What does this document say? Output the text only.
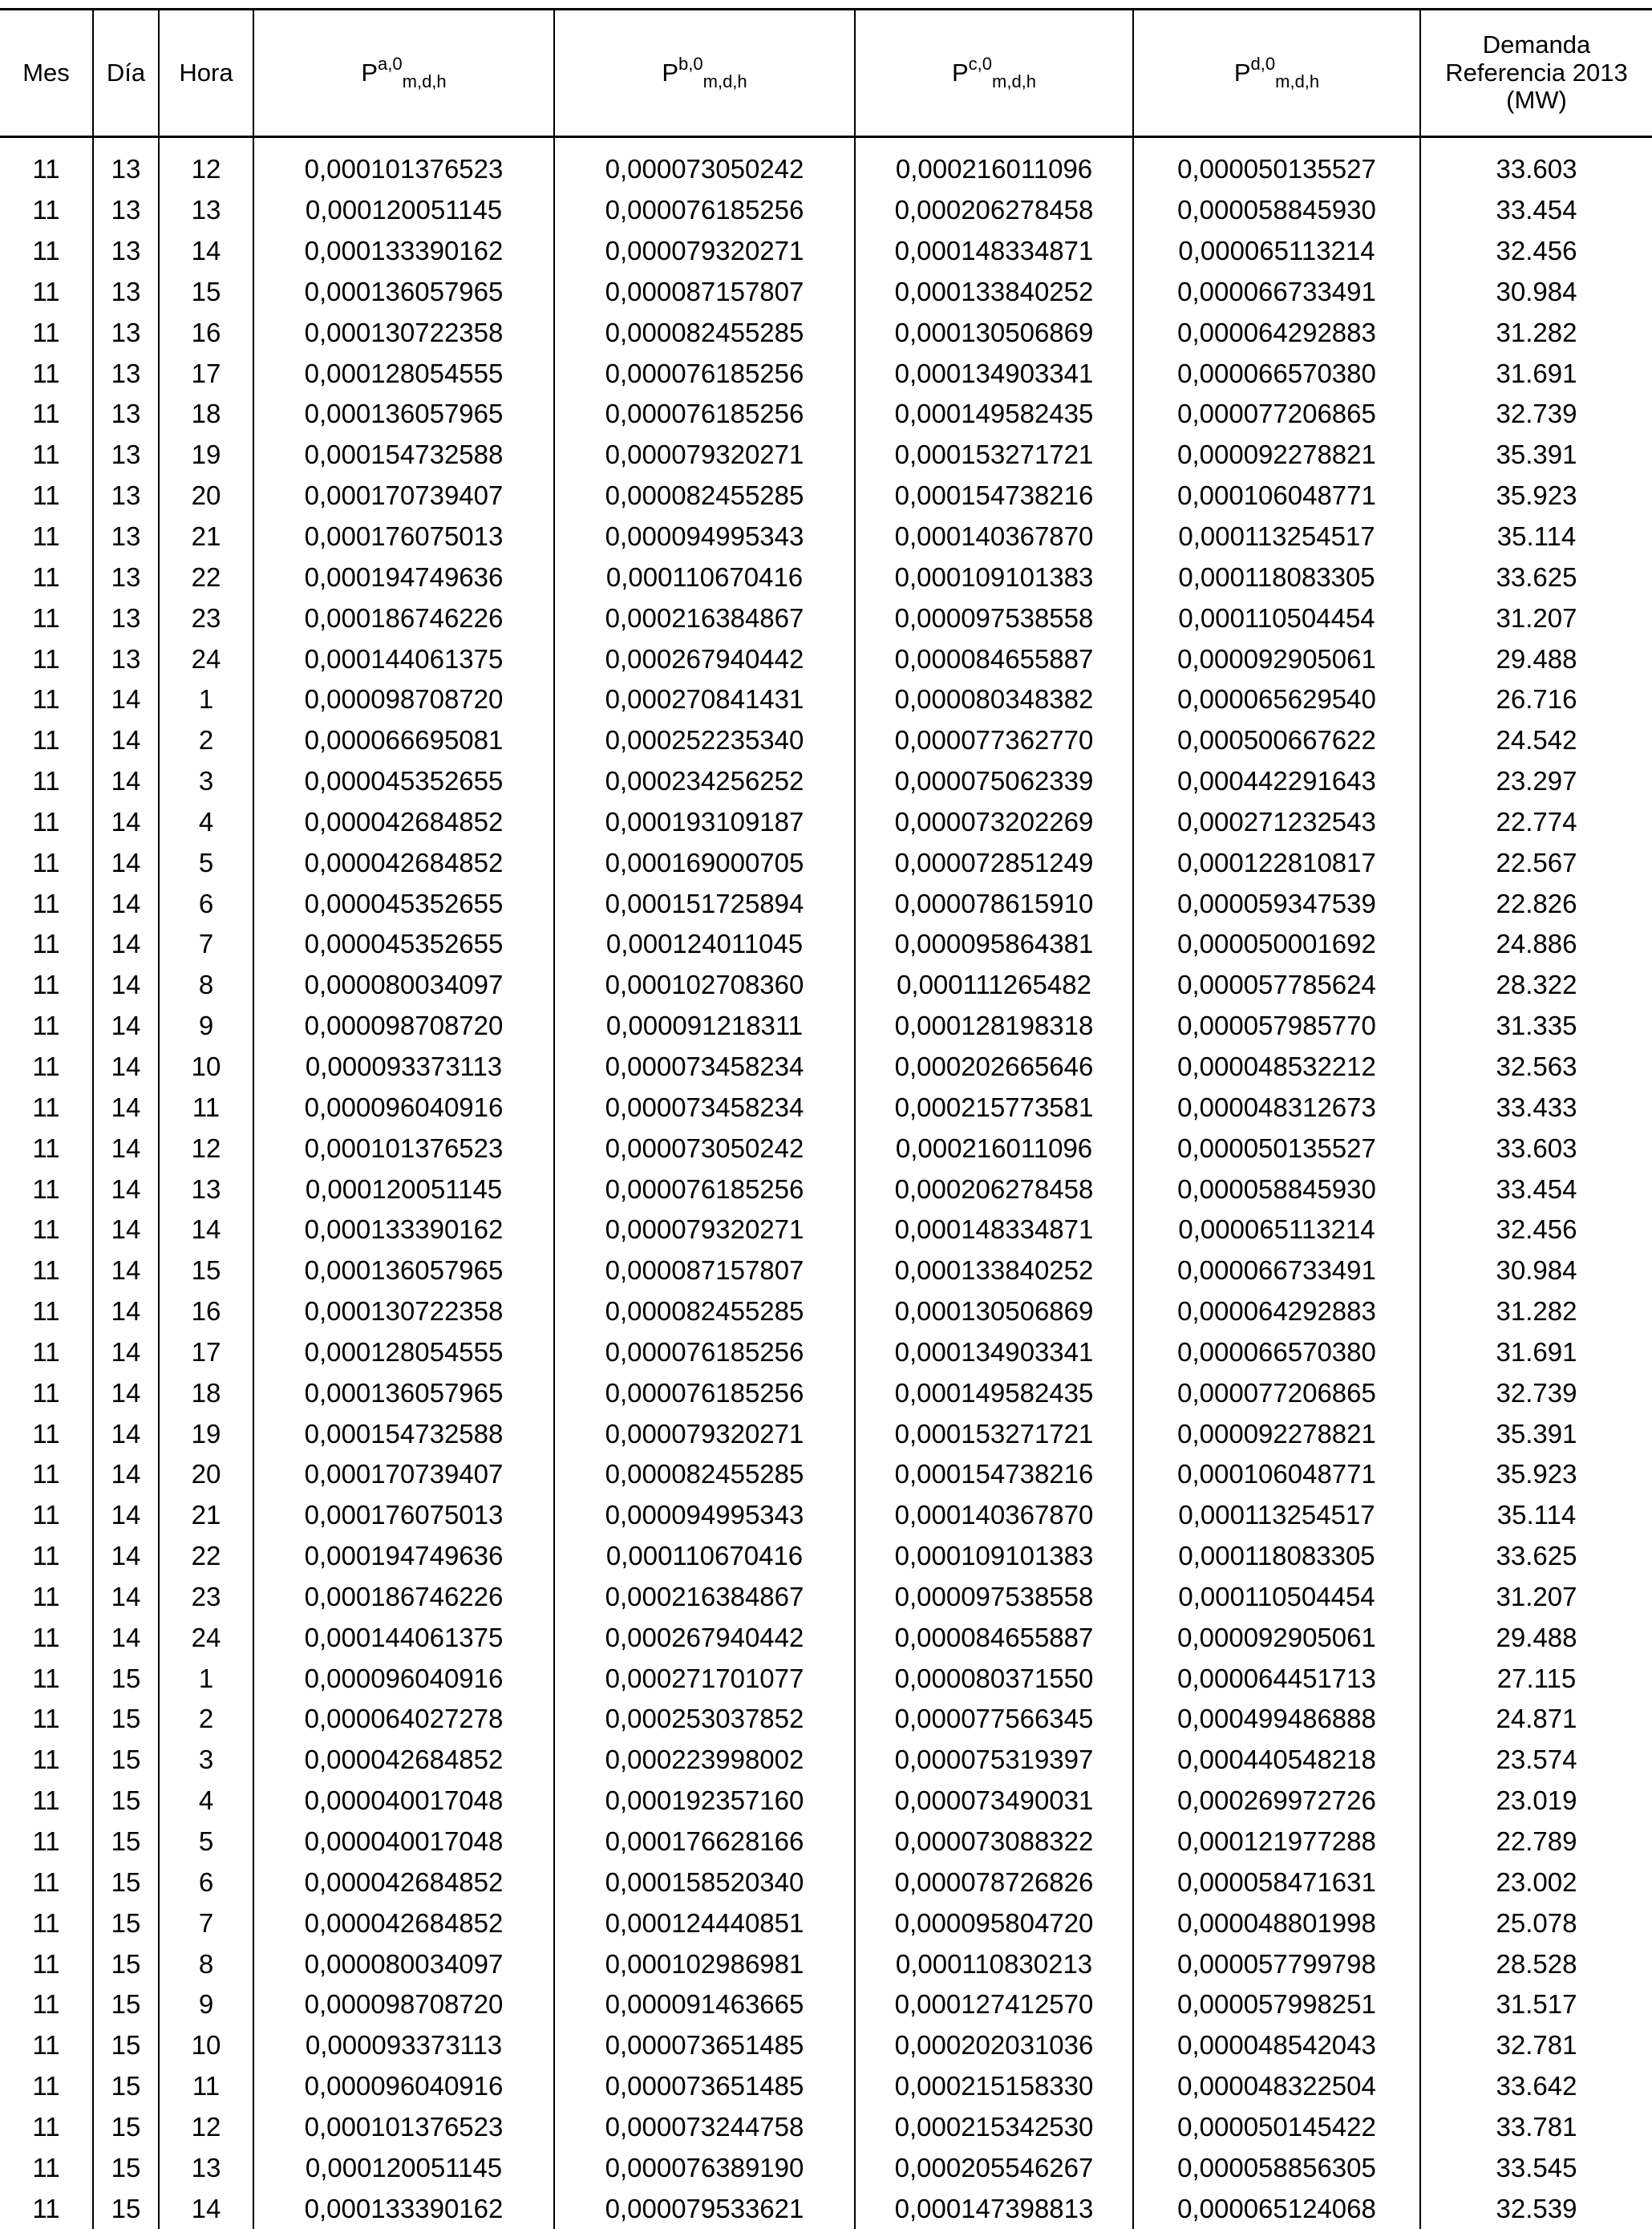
Mes	Día	Hora	P$^{a,0}_{m,d,h}$	P$^{b,0}_{m,d,h}$	P$^{c,0}_{m,d,h}$	P$^{d,0}_{m,d,h}$	Demanda
Referencia 2013
(MW)

11	13	12	0,000101376523	0,000073050242	0,000216011096	0,000050135527	33.603
11	13	13	0,000120051145	0,000076185256	0,000206278458	0,000058845930	33.454
11	13	14	0,000133390162	0,000079320271	0,000148334871	0,000065113214	32.456
11	13	15	0,000136057965	0,000087157807	0,000133840252	0,000066733491	30.984
11	13	16	0,000130722358	0,000082455285	0,000130506869	0,000064292883	31.282
11	13	17	0,000128054555	0,000076185256	0,000134903341	0,000066570380	31.691
11	13	18	0,000136057965	0,000076185256	0,000149582435	0,000077206865	32.739
11	13	19	0,000154732588	0,000079320271	0,000153271721	0,000092278821	35.391
11	13	20	0,000170739407	0,000082455285	0,000154738216	0,000106048771	35.923
11	13	21	0,000176075013	0,000094995343	0,000140367870	0,000113254517	35.114
11	13	22	0,000194749636	0,000110670416	0,000109101383	0,000118083305	33.625
11	13	23	0,000186746226	0,000216384867	0,000097538558	0,000110504454	31.207
11	13	24	0,000144061375	0,000267940442	0,000084655887	0,000092905061	29.488
11	14	1	0,000098708720	0,000270841431	0,000080348382	0,000065629540	26.716
11	14	2	0,000066695081	0,000252235340	0,000077362770	0,000500667622	24.542
11	14	3	0,000045352655	0,000234256252	0,000075062339	0,000442291643	23.297
11	14	4	0,000042684852	0,000193109187	0,000073202269	0,000271232543	22.774
11	14	5	0,000042684852	0,000169000705	0,000072851249	0,000122810817	22.567
11	14	6	0,000045352655	0,000151725894	0,000078615910	0,000059347539	22.826
11	14	7	0,000045352655	0,000124011045	0,000095864381	0,000050001692	24.886
11	14	8	0,000080034097	0,000102708360	0,000111265482	0,000057785624	28.322
11	14	9	0,000098708720	0,000091218311	0,000128198318	0,000057985770	31.335
11	14	10	0,000093373113	0,000073458234	0,000202665646	0,000048532212	32.563
11	14	11	0,000096040916	0,000073458234	0,000215773581	0,000048312673	33.433
11	14	12	0,000101376523	0,000073050242	0,000216011096	0,000050135527	33.603
11	14	13	0,000120051145	0,000076185256	0,000206278458	0,000058845930	33.454
11	14	14	0,000133390162	0,000079320271	0,000148334871	0,000065113214	32.456
11	14	15	0,000136057965	0,000087157807	0,000133840252	0,000066733491	30.984
11	14	16	0,000130722358	0,000082455285	0,000130506869	0,000064292883	31.282
11	14	17	0,000128054555	0,000076185256	0,000134903341	0,000066570380	31.691
11	14	18	0,000136057965	0,000076185256	0,000149582435	0,000077206865	32.739
11	14	19	0,000154732588	0,000079320271	0,000153271721	0,000092278821	35.391
11	14	20	0,000170739407	0,000082455285	0,000154738216	0,000106048771	35.923
11	14	21	0,000176075013	0,000094995343	0,000140367870	0,000113254517	35.114
11	14	22	0,000194749636	0,000110670416	0,000109101383	0,000118083305	33.625
11	14	23	0,000186746226	0,000216384867	0,000097538558	0,000110504454	31.207
11	14	24	0,000144061375	0,000267940442	0,000084655887	0,000092905061	29.488
11	15	1	0,000096040916	0,000271701077	0,000080371550	0,000064451713	27.115
11	15	2	0,000064027278	0,000253037852	0,000077566345	0,000499486888	24.871
11	15	3	0,000042684852	0,000223998002	0,000075319397	0,000440548218	23.574
11	15	4	0,000040017048	0,000192357160	0,000073490031	0,000269972726	23.019
11	15	5	0,000040017048	0,000176628166	0,000073088322	0,000121977288	22.789
11	15	6	0,000042684852	0,000158520340	0,000078726826	0,000058471631	23.002
11	15	7	0,000042684852	0,000124440851	0,000095804720	0,000048801998	25.078
11	15	8	0,000080034097	0,000102986981	0,000110830213	0,000057799798	28.528
11	15	9	0,000098708720	0,000091463665	0,000127412570	0,000057998251	31.517
11	15	10	0,000093373113	0,000073651485	0,000202031036	0,000048542043	32.781
11	15	11	0,000096040916	0,000073651485	0,000215158330	0,000048322504	33.642
11	15	12	0,000101376523	0,000073244758	0,000215342530	0,000050145422	33.781
11	15	13	0,000120051145	0,000076389190	0,000205546267	0,000058856305	33.545
11	15	14	0,000133390162	0,000079533621	0,000147398813	0,000065124068	32.539
